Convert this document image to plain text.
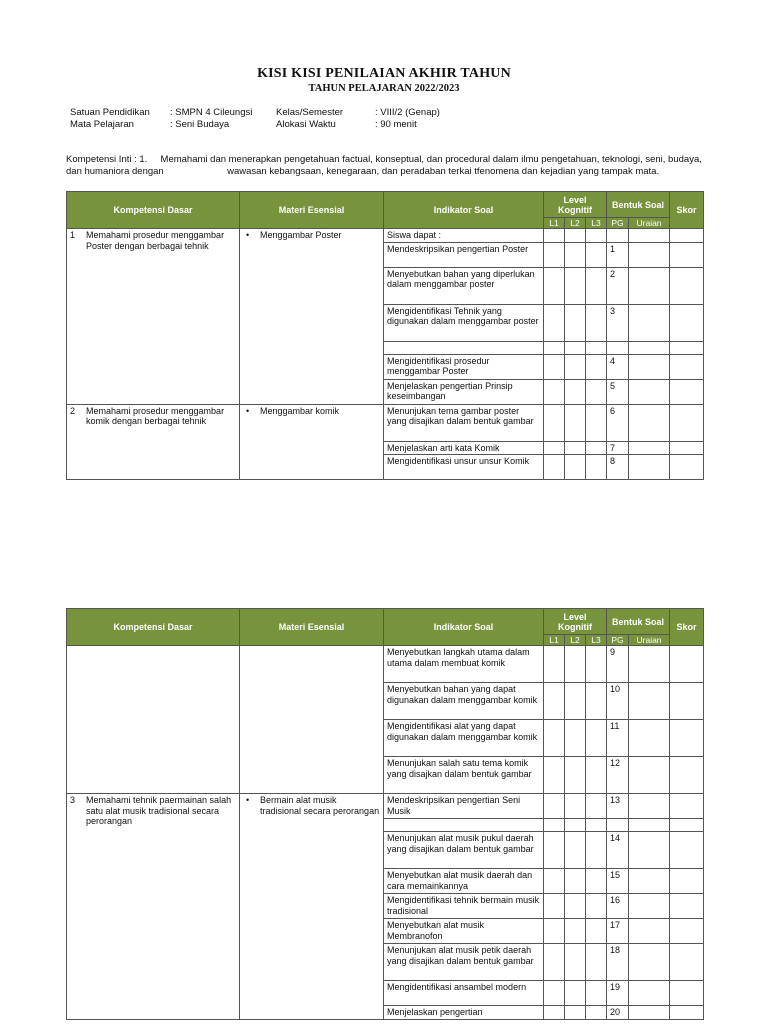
KISI KISI PENILAIAN AKHIR TAHUN
TAHUN PELAJARAN 2022/2023
Satuan Pendidikan : SMPN 4 Cileungsi Kelas/Semester	: VIII/2 (Genap)
Mata Pelajaran	: Seni Budaya	Alokasi Waktu	: 90 menit
Kompetensi Inti : 1. Memahami dan menerapkan pengetahuan factual, konseptual, dan procedural dalam ilmu pengetahuan, teknologi, seni, budaya, dan humaniora dengan	wawasan kebangsaan, kenegaraan, dan peradaban terkai tfenomena dan kejadian yang tampak mata.
Kompetensi Dasar	Materi Esensial	Indikator Soal	Level Kognitif			Bentuk Soal		Skor
			L1	L2	L3	PG	Uraian	

1 Memahami prosedur menggambar Poster dengan berbagai tehnik	• Menggambar Poster	Siswa dapat :						
		Mendeskripsikan pengertian Poster				1		
		Menyebutkan bahan yang diperlukan dalam menggambar poster				2		
		Mengidentifikasi Tehnik yang digunakan dalam menggambar poster				3		

		Mengidentifikasi prosedur menggambar Poster				4		
		Menjelaskan pengertian Prinsip keseimbangan				5		

2 Memahami prosedur menggambar komik dengan berbagai tehnik	• Menggambar komik	Menunjukan tema gambar poster yang disajikan dalam bentuk gambar				6		
		Menjelaskan arti kata Komik				7		
		Mengidentifikasi unsur unsur Komik				8		
Kompetensi Dasar	Materi Esensial	Indikator Soal	Level Kognitif			Bentuk Soal		Skor
			L1	L2	L3	PG	Uraian	
		Menyebutkan langkah utama dalam utama dalam membuat komik				9		
		Menyebutkan bahan yang dapat digunakan dalam menggambar komik				10		
		Mengidentifikasi alat yang dapat digunakan dalam menggambar komik				11		
		Menunjukan salah satu tema komik yang disajkan dalam bentuk gambar				12		

3 Memahami tehnik paermainan salah satu alat musik tradisional secara perorangan	• Bermain alat musik tradisional secara perorangan	Mendeskripsikan pengertian Seni Musik				13		

		Menunjukan alat musik pukul daerah yang disajikan dalam bentuk gambar				14		
		Menyebutkan alat musik daerah dan cara memainkannya				15		
		Mengidentifikasi tehnik bermain musik tradisional				16		
		Menyebutkan alat musik Membranofon				17		
		Menunjukan alat musik petik daerah yang disajikan dalam bentuk gambar				18		
		Mengidentifikasi ansambel modern				19		
		Menjelaskan pengertian				20		
